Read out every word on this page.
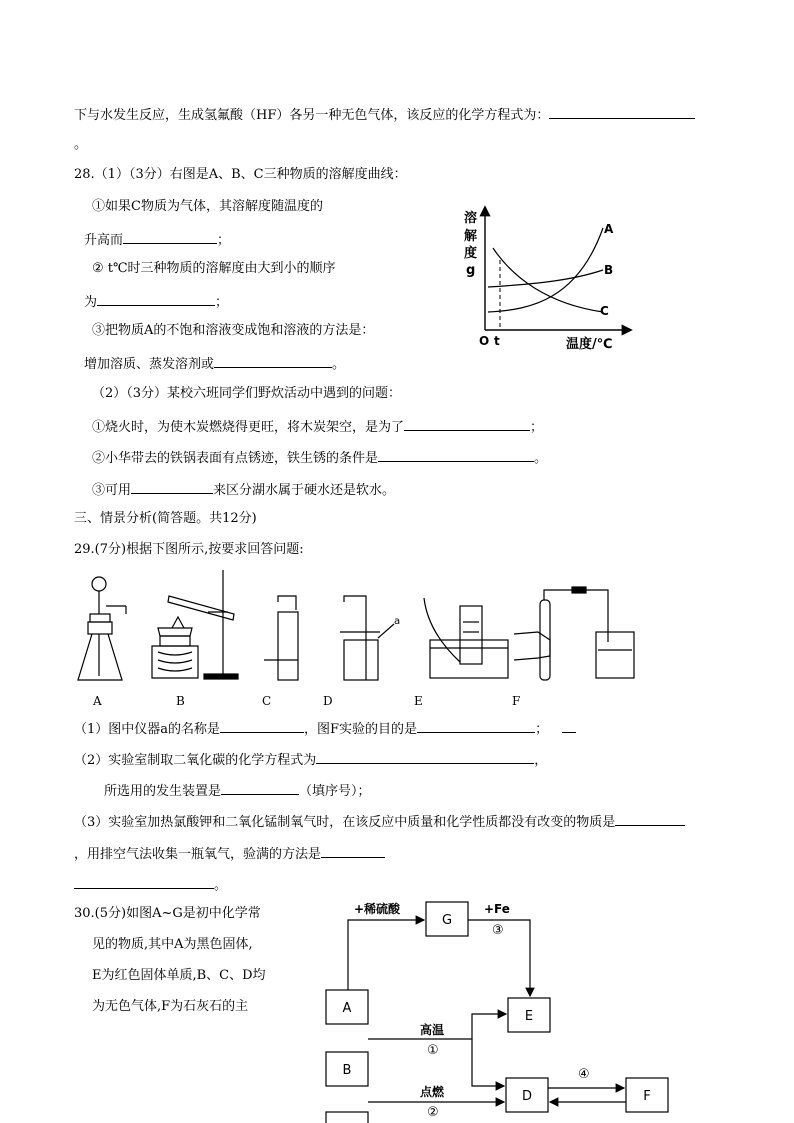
下与水发生反应，生成氢氟酸（HF）各另一种无色气体，该反应的化学方程式为：
。
28.（1）（3分）右图是A、B、C三种物质的溶解度曲线：
①如果C物质为气体，其溶解度随温度的
升高而	；
② t℃时三种物质的溶解度由大到小的顺序
为	；
③把物质A的不饱和溶液变成饱和溶液的方法是：
增加溶质、蒸发溶剂或	。
（2）（3分）某校六班同学们野炊活动中遇到的问题：
①烧火时，为使木炭燃烧得更旺，将木炭架空，是为了	；
②小华带去的铁锅表面有点锈迹，铁生锈的条件是	。
③可用	来区分湖水属于硬水还是软水。
溶
解
度
g
A
B
C
O t	温度/℃
三、情景分析(简答题。共12分)
29.(7分)根据下图所示,按要求回答问题:
a
A	B	C	D	E	F
（1）图中仪器a的名称是	，图F实验的目的是	；
（2）实验室制取二氧化碳的化学方程式为	，
所选用的发生装置是	（填序号）；
（3）实验室加热氯酸钾和二氧化锰制氧气时，在该反应中质量和化学性质都没有改变的物质是
，用排空气法收集一瓶氧气，验满的方法是
。
30.(5分)如图A~G是初中化学常
见的物质,其中A为黑色固体,
E为红色固体单质,B、C、D均
为无色气体,F为石灰石的主	A
B
G
E
D	F
+稀硫酸	+Fe
③
高温
①
点燃
②
④
